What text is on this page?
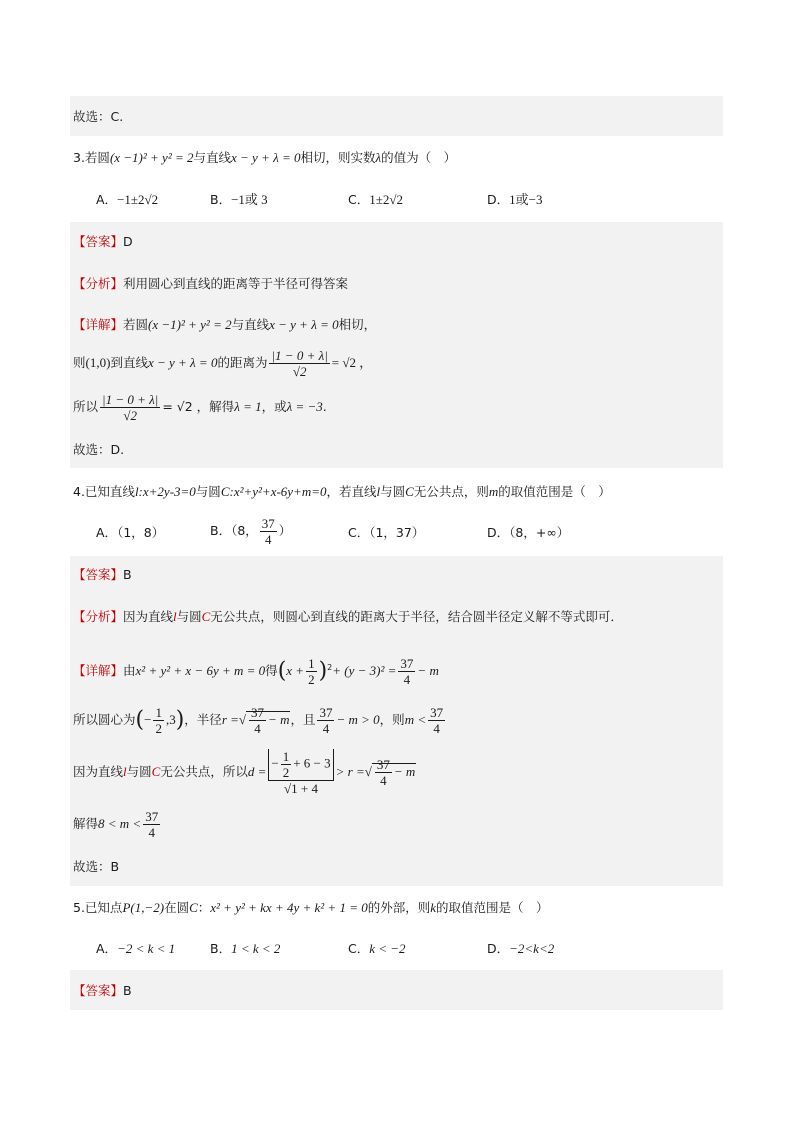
故选：C.
3.若圆(x −1)² + y² = 2与直线x − y + λ = 0相切，则实数λ的值为（　）
A．−1±2√2	B．−1或 3	C．1±2√2	D．1或−3
【答案】D
【分析】利用圆心到直线的距离等于半径可得答案
【详解】若圆(x −1)² + y² = 2与直线x − y + λ = 0相切，
则(1,0)到直线x − y + λ = 0的距离为 $\frac{|1 - 0 + \lambda|}{√2} = √2$ ，
所以 $\frac{|1 - 0 + \lambda|}{√2} = √2$ ，解得λ = 1，或λ = −3.
故选：D.
4.已知直线l:x+2y-3=0与圆C:x²+y²+x-6y+m=0，若直线l与圆C无公共点，则m的取值范围是（　）
A．（1，8）	B．（8， $\frac{37}{4}$ ）	C．（1，37）	D．（8，+∞）
【答案】B
【分析】因为直线l与圆C无公共点，则圆心到直线的距离大于半径，结合圆半径定义解不等式即可．
【详解】由x² + y² + x − 6y + m = 0得$(x + \frac{1}{2} )^2+ (y - 3)^2 = \frac{37}{4} - m$
所以圆心为(− $\frac{1}{2} ,3$)，半径r =√ $\frac{37}{4} - m$，且 $\frac{37}{4} - m > 0$，则$m < \frac{37}{4}$
因为直线l与圆C无公共点，所以$d = \frac{- \frac{1}{2} + 6 - 3}{√1 + 4} > r$ =√ $\frac{37}{4} - m$
解得$8 < m < \frac{37}{4}$
故选：B
5.已知点P(1,−2)在圆C：x² + y² + kx + 4y + k² + 1 = 0的外部，则k的取值范围是（　）
A．−2 < k < 1	B．1 < k < 2	C．k < −2	D．−2<k<2
【答案】B
